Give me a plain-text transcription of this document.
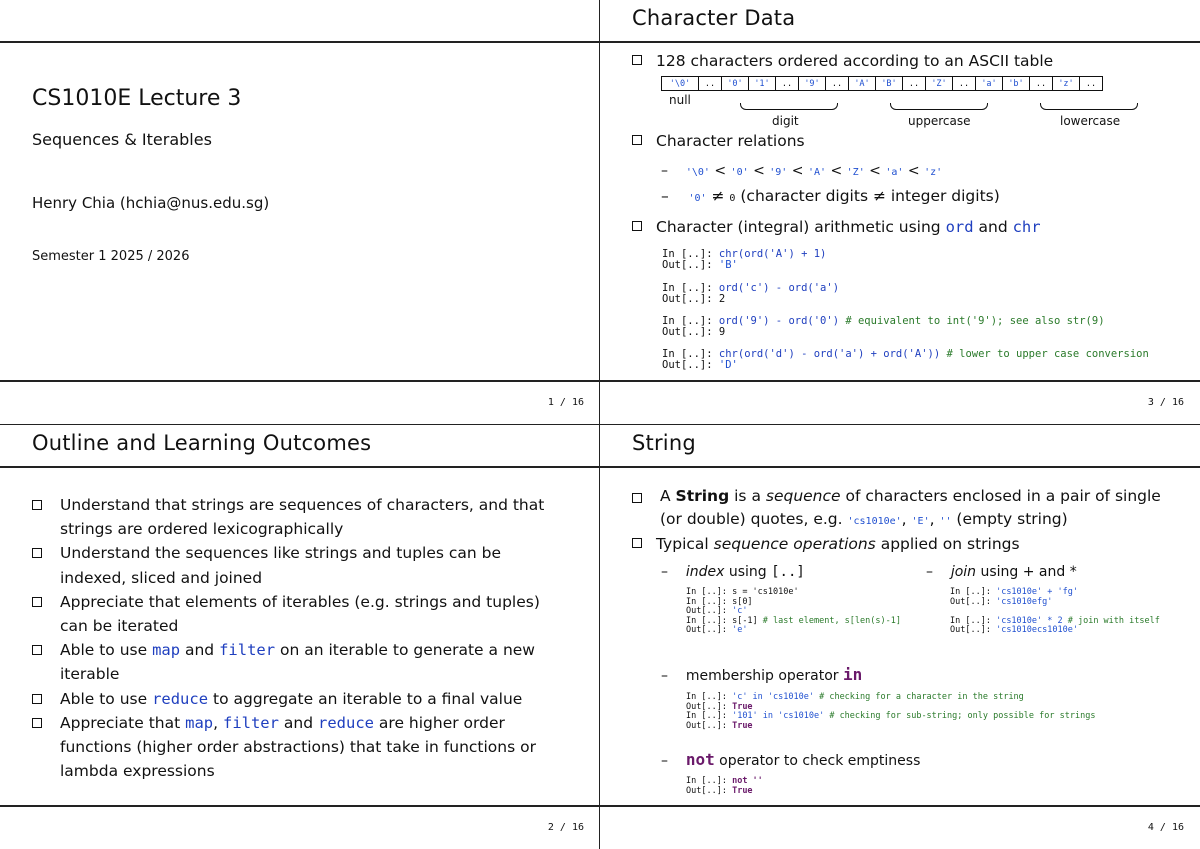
CS1010E Lecture 3
Sequences & Iterables
Henry Chia (hchia@nus.edu.sg)
Semester 1 2025 / 2026
1 / 16
Character Data
128 characters ordered according to an ASCII table
'\0'	..	'0'	'1'	..	'9'	..	'A'	'B'	..	'Z'	..	'a'	'b'	..	'z'	..
null
digit	uppercase	lowercase
Character relations
–    '\0' < '0' < '9' < 'A' < 'Z' < 'a' < 'z'
–    '0' ≠ 0 (character digits ≠ integer digits)
Character (integral) arithmetic using ord and chr
In [..]: chr(ord('A') + 1)
Out[..]: 'B'
In [..]: ord('c') - ord('a')
Out[..]: 2
In [..]: ord('9') - ord('0') # equivalent to int('9'); see also str(9)
Out[..]: 9
In [..]: chr(ord('d') - ord('a') + ord('A')) # lower to upper case conversion
Out[..]: 'D'
3 / 16
Outline and Learning Outcomes
Understand that strings are sequences of characters, and that strings are ordered lexicographically
Understand the sequences like strings and tuples can be indexed, sliced and joined
Appreciate that elements of iterables (e.g. strings and tuples) can be iterated
Able to use map and filter on an iterable to generate a new iterable
Able to use reduce to aggregate an iterable to a final value
Appreciate that map, filter and reduce are higher order functions (higher order abstractions) that take in functions or lambda expressions
2 / 16
String
A String is a sequence of characters enclosed in a pair of single (or double) quotes, e.g. 'cs1010e', 'E', '' (empty string)
Typical sequence operations applied on strings
–    index using [..]
In [..]: s = 'cs1010e'
In [..]: s[0]
Out[..]: 'c'
In [..]: s[-1] # last element, s[len(s)-1]
Out[..]: 'e'
–    join using + and *
In [..]: 'cs1010e' + 'fg'
Out[..]: 'cs1010efg'

In [..]: 'cs1010e' * 2 # join with itself
Out[..]: 'cs1010ecs1010e'
–    membership operator in
In [..]: 'c' in 'cs1010e' # checking for a character in the string
Out[..]: True
In [..]: '101' in 'cs1010e' # checking for sub-string; only possible for strings
Out[..]: True
–    not operator to check emptiness
In [..]: not ''
Out[..]: True
4 / 16
